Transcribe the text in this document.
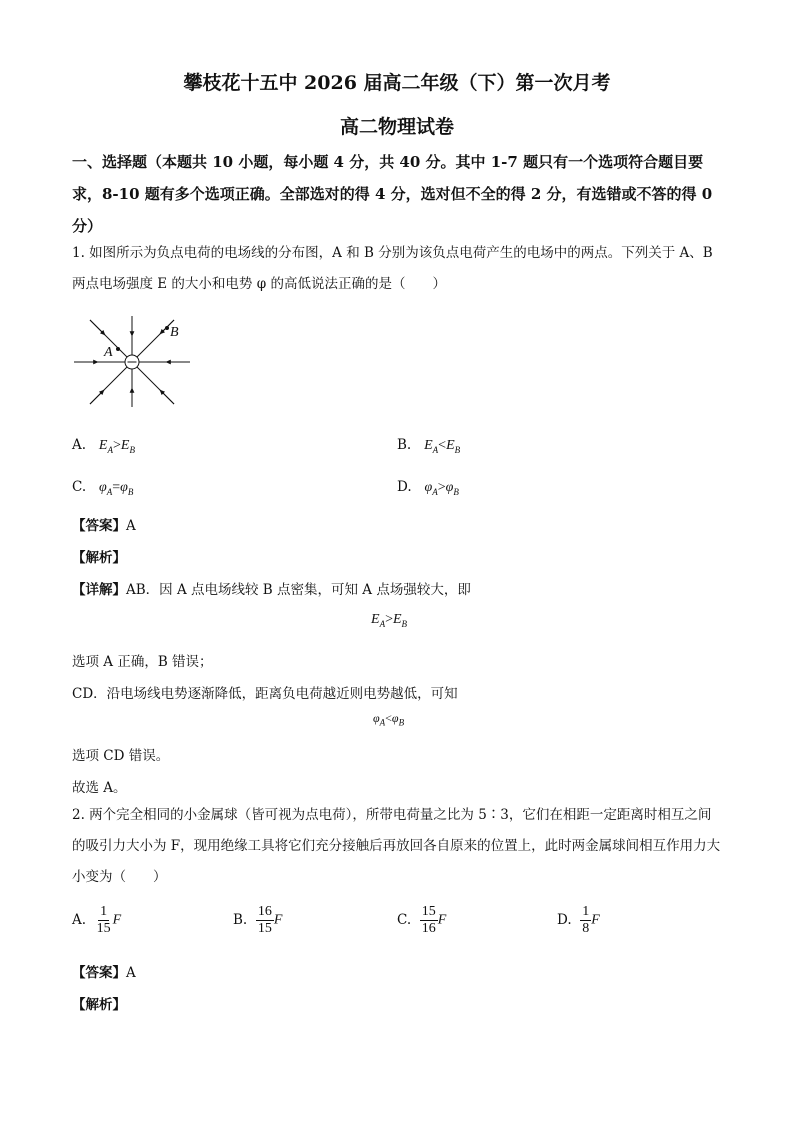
攀枝花十五中 2026 届高二年级（下）第一次月考
高二物理试卷
一、选择题（本题共 10 小题，每小题 4 分，共 40 分。其中 1-7 题只有一个选项符合题目要求，8-10 题有多个选项正确。全部选对的得 4 分，选对但不全的得 2 分，有选错或不答的得 0 分）
1. 如图所示为负点电荷的电场线的分布图，A 和 B 分别为该负点电荷产生的电场中的两点。下列关于 A、B 两点电场强度 E 的大小和电势 φ 的高低说法正确的是（　　）
A
B
A. $E_A>E_B$	B. $E_A<E_B$
C. $\varphi_A=\varphi_B$	D. $\varphi_A>\varphi_B$
【答案】A
【解析】
【详解】AB．因 A 点电场线较 B 点密集，可知 A 点场强较大，即
$E_A>E_B$
选项 A 正确，B 错误；
CD．沿电场线电势逐渐降低，距离负电荷越近则电势越低，可知
$\varphi_A<\varphi_B$
选项 CD 错误。
故选 A。
2. 两个完全相同的小金属球（皆可视为点电荷），所带电荷量之比为 5∶3，它们在相距一定距离时相互之间的吸引力大小为 F，现用绝缘工具将它们充分接触后再放回各自原来的位置上，此时两金属球间相互作用力大小变为（　　）
A. $\frac{1}{15}$ F	B. $\frac{16}{15}$ F	C. $\frac{15}{16}$ F	D. $\frac{1}{8}$ F
【答案】A
【解析】
